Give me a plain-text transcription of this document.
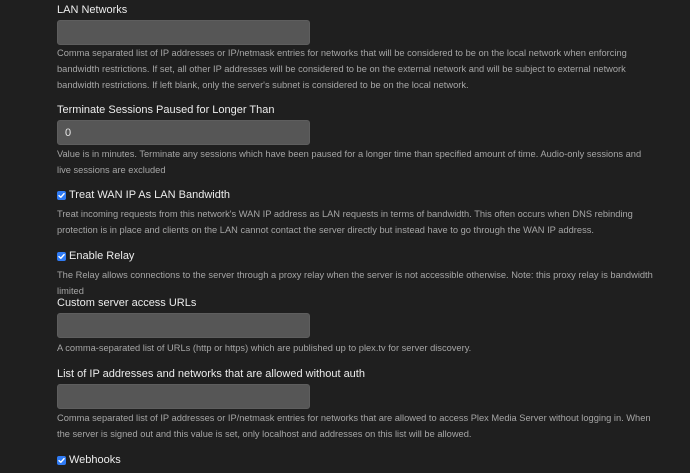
LAN Networks
Comma separated list of IP addresses or IP/netmask entries for networks that will be considered to be on the local network when enforcing bandwidth restrictions. If set, all other IP addresses will be considered to be on the external network and will be subject to external network bandwidth restrictions. If left blank, only the server's subnet is considered to be on the local network.
Terminate Sessions Paused for Longer Than
0
Value is in minutes. Terminate any sessions which have been paused for a longer time than specified amount of time. Audio-only sessions and live sessions are excluded
Treat WAN IP As LAN Bandwidth
Treat incoming requests from this network's WAN IP address as LAN requests in terms of bandwidth. This often occurs when DNS rebinding protection is in place and clients on the LAN cannot contact the server directly but instead have to go through the WAN IP address.
Enable Relay
The Relay allows connections to the server through a proxy relay when the server is not accessible otherwise. Note: this proxy relay is bandwidth limited
Custom server access URLs
A comma-separated list of URLs (http or https) which are published up to plex.tv for server discovery.
List of IP addresses and networks that are allowed without auth
Comma separated list of IP addresses or IP/netmask entries for networks that are allowed to access Plex Media Server without logging in. When the server is signed out and this value is set, only localhost and addresses on this list will be allowed.
Webhooks
